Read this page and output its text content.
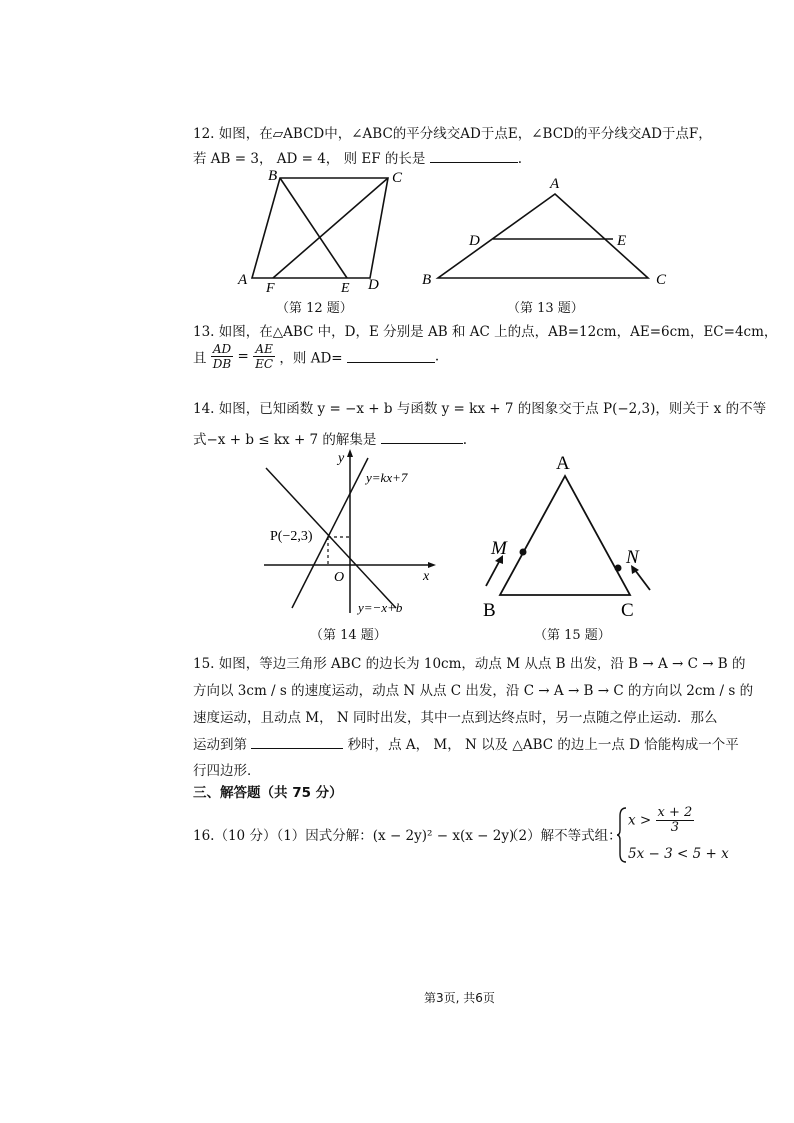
12. 如图，在▱ABCD中，∠ABC的平分线交AD于点E，∠BCD的平分线交AD于点F，
若 AB = 3， AD = 4， 则 EF 的长是	.
B	C
A
F	E D
（第 12 题）
A
D	E
B	C
（第 13 题）
13. 如图，在△ABC 中，D，E 分别是 AB 和 AC 上的点，AB=12cm，AE=6cm，EC=4cm，
且 $\frac{AD}{DB} = \frac{AE}{EC}$ ，则 AD=	.
14. 如图，已知函数 y = −x + b 与函数 y = kx + 7 的图象交于点 P(−2,3)，则关于 x 的不等
式−x + b ≤ kx + 7 的解集是	.
y
x
O
P(−2,3)
y=kx+7
y=−x+b
（第 14 题）
A
M	N
B	C
（第 15 题）
15. 如图，等边三角形 ABC 的边长为 10cm，动点 M 从点 B 出发，沿 B → A → C → B 的
方向以 3cm / s 的速度运动，动点 N 从点 C 出发，沿 C → A → B → C 的方向以 2cm / s 的
速度运动，且动点 M， N 同时出发，其中一点到达终点时，另一点随之停止运动．那么
运动到第	秒时，点 A， M， N 以及 △ABC 的边上一点 D 恰能构成一个平
行四边形．
三、解答题（共 75 分）
16.（10 分）（1）因式分解：(x − 2y)² − x(x − 2y)
（2）解不等式组：
$x > \frac{x + 2}{3}$
5x − 3 < 5 + x
第3页, 共6页
